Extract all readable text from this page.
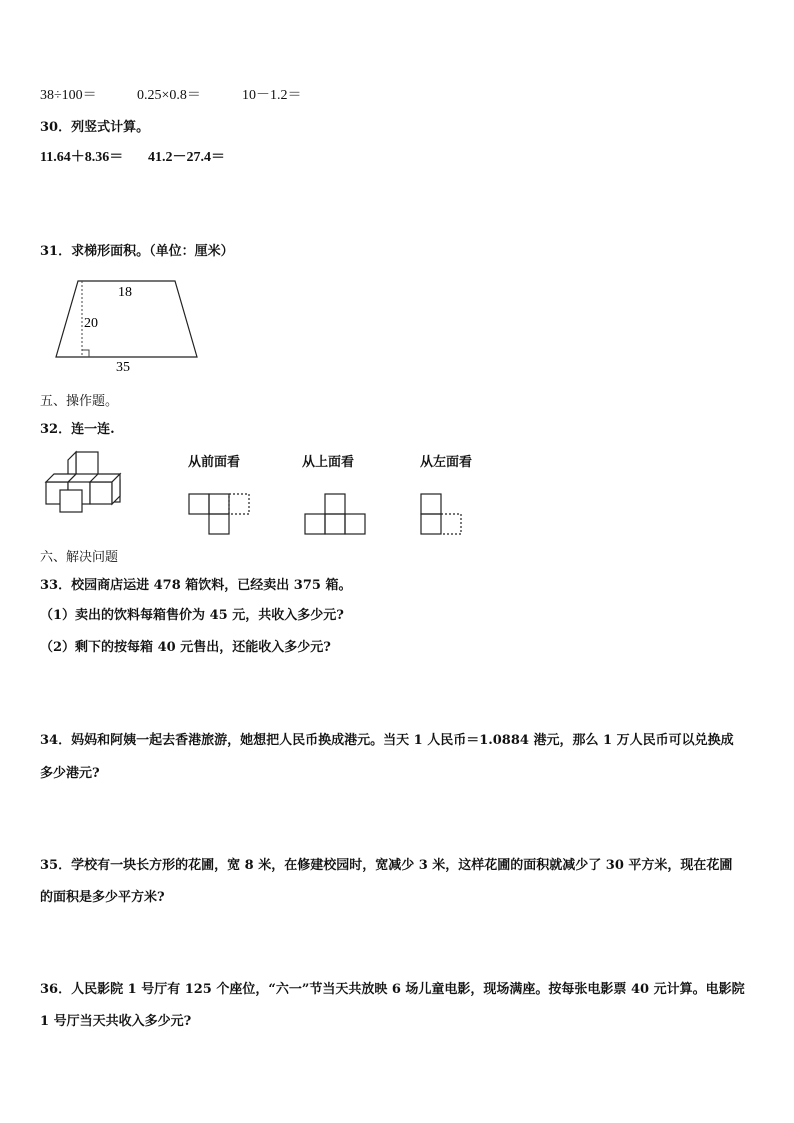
38÷100＝	0.25×0.8＝	10－1.2＝
30．列竖式计算。
11.64＋8.36＝ 41.2－27.4＝
31．求梯形面积。（单位：厘米）
18
20
35
五、操作题。
32．连一连.
从前面看	从上面看	从左面看
六、解决问题
33．校园商店运进 478 箱饮料，已经卖出 375 箱。
（1）卖出的饮料每箱售价为 45 元，共收入多少元?
（2）剩下的按每箱 40 元售出，还能收入多少元?
34．妈妈和阿姨一起去香港旅游，她想把人民币换成港元。当天 1 人民币＝1.0884 港元，那么 1 万人民币可以兑换成
多少港元?
35．学校有一块长方形的花圃，宽 8 米，在修建校园时，宽减少 3 米，这样花圃的面积就减少了 30 平方米，现在花圃
的面积是多少平方米?
36．人民影院 1 号厅有 125 个座位，“六一”节当天共放映 6 场儿童电影，现场满座。按每张电影票 40 元计算。电影院
1 号厅当天共收入多少元?
